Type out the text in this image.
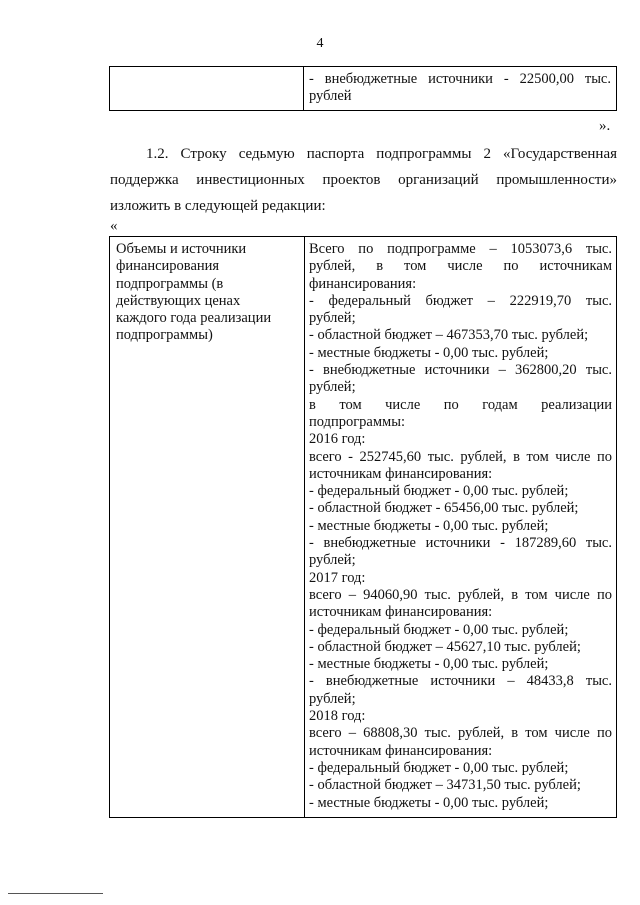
4
- внебюджетные источники - 22500,00 тыс.
рублей
».
1.2. Строку седьмую паспорта подпрограммы 2 «Государственная
поддержка инвестиционных проектов организаций промышленности»
изложить в следующей редакции:
«
Объемы и источники
финансирования
подпрограммы (в
действующих ценах
каждого года реализации
подпрограммы)
Всего по подпрограмме – 1053073,6 тыс.
рублей, в том числе по источникам
финансирования:
- федеральный бюджет – 222919,70 тыс.
рублей;
- областной бюджет – 467353,70 тыс. рублей;
- местные бюджеты - 0,00 тыс. рублей;
- внебюджетные источники – 362800,20 тыс.
рублей;
в том числе по годам реализации
подпрограммы:
2016 год:
всего - 252745,60 тыс. рублей, в том числе по
источникам финансирования:
- федеральный бюджет - 0,00 тыс. рублей;
- областной бюджет - 65456,00 тыс. рублей;
- местные бюджеты - 0,00 тыс. рублей;
- внебюджетные источники - 187289,60 тыс.
рублей;
2017 год:
всего – 94060,90 тыс. рублей, в том числе по
источникам финансирования:
- федеральный бюджет - 0,00 тыс. рублей;
- областной бюджет – 45627,10 тыс. рублей;
- местные бюджеты - 0,00 тыс. рублей;
- внебюджетные источники – 48433,8 тыс.
рублей;
2018 год:
всего – 68808,30 тыс. рублей, в том числе по
источникам финансирования:
- федеральный бюджет - 0,00 тыс. рублей;
- областной бюджет – 34731,50 тыс. рублей;
- местные бюджеты - 0,00 тыс. рублей;
